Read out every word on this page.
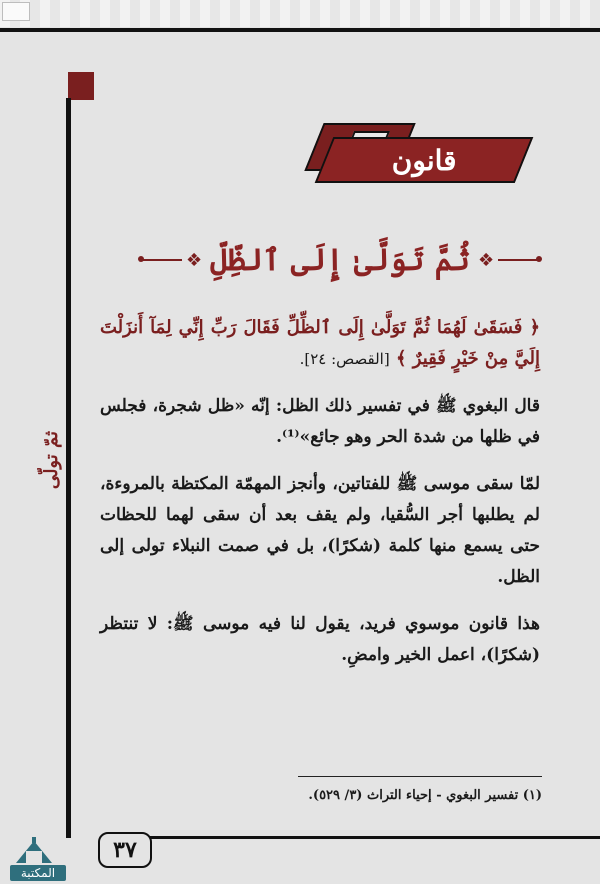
ثمّ تولّى
قانون
❖ ثُمَّ تَوَلَّىٰ إِلَى ٱلظِّلِّ ❖

﴿ فَسَقَىٰ لَهُمَا ثُمَّ تَوَلَّىٰ إِلَى ٱلظِّلِّ فَقَالَ رَبِّ إِنِّي لِمَآ أَنزَلْتَ إِلَيَّ مِنْ خَيْرٍ فَقِيرٌ ﴾ [القصص: ٢٤].

قال البغوي ﷺ في تفسير ذلك الظل: إنّه «ظل شجرة، فجلس في ظلها من شدة الحر وهو جائع»⁽¹⁾.

لمّا سقى موسى ﷺ للفتاتين، وأنجز المهمّة المكتظة بالمروءة، لم يطلبها أجر السُّقيا، ولم يقف بعد أن سقى لهما للحظات حتى يسمع منها كلمة (شكرًا)، بل في صمت النبلاء تولى إلى الظل.

هذا قانون موسوي فريد، يقول لنا فيه موسى ﷺ: لا تنتظر (شكرًا)، اعمل الخير وامضِ.

(١) تفسير البغوي - إحياء التراث (٣/ ٥٢٩).
٣٧
المكتبة
